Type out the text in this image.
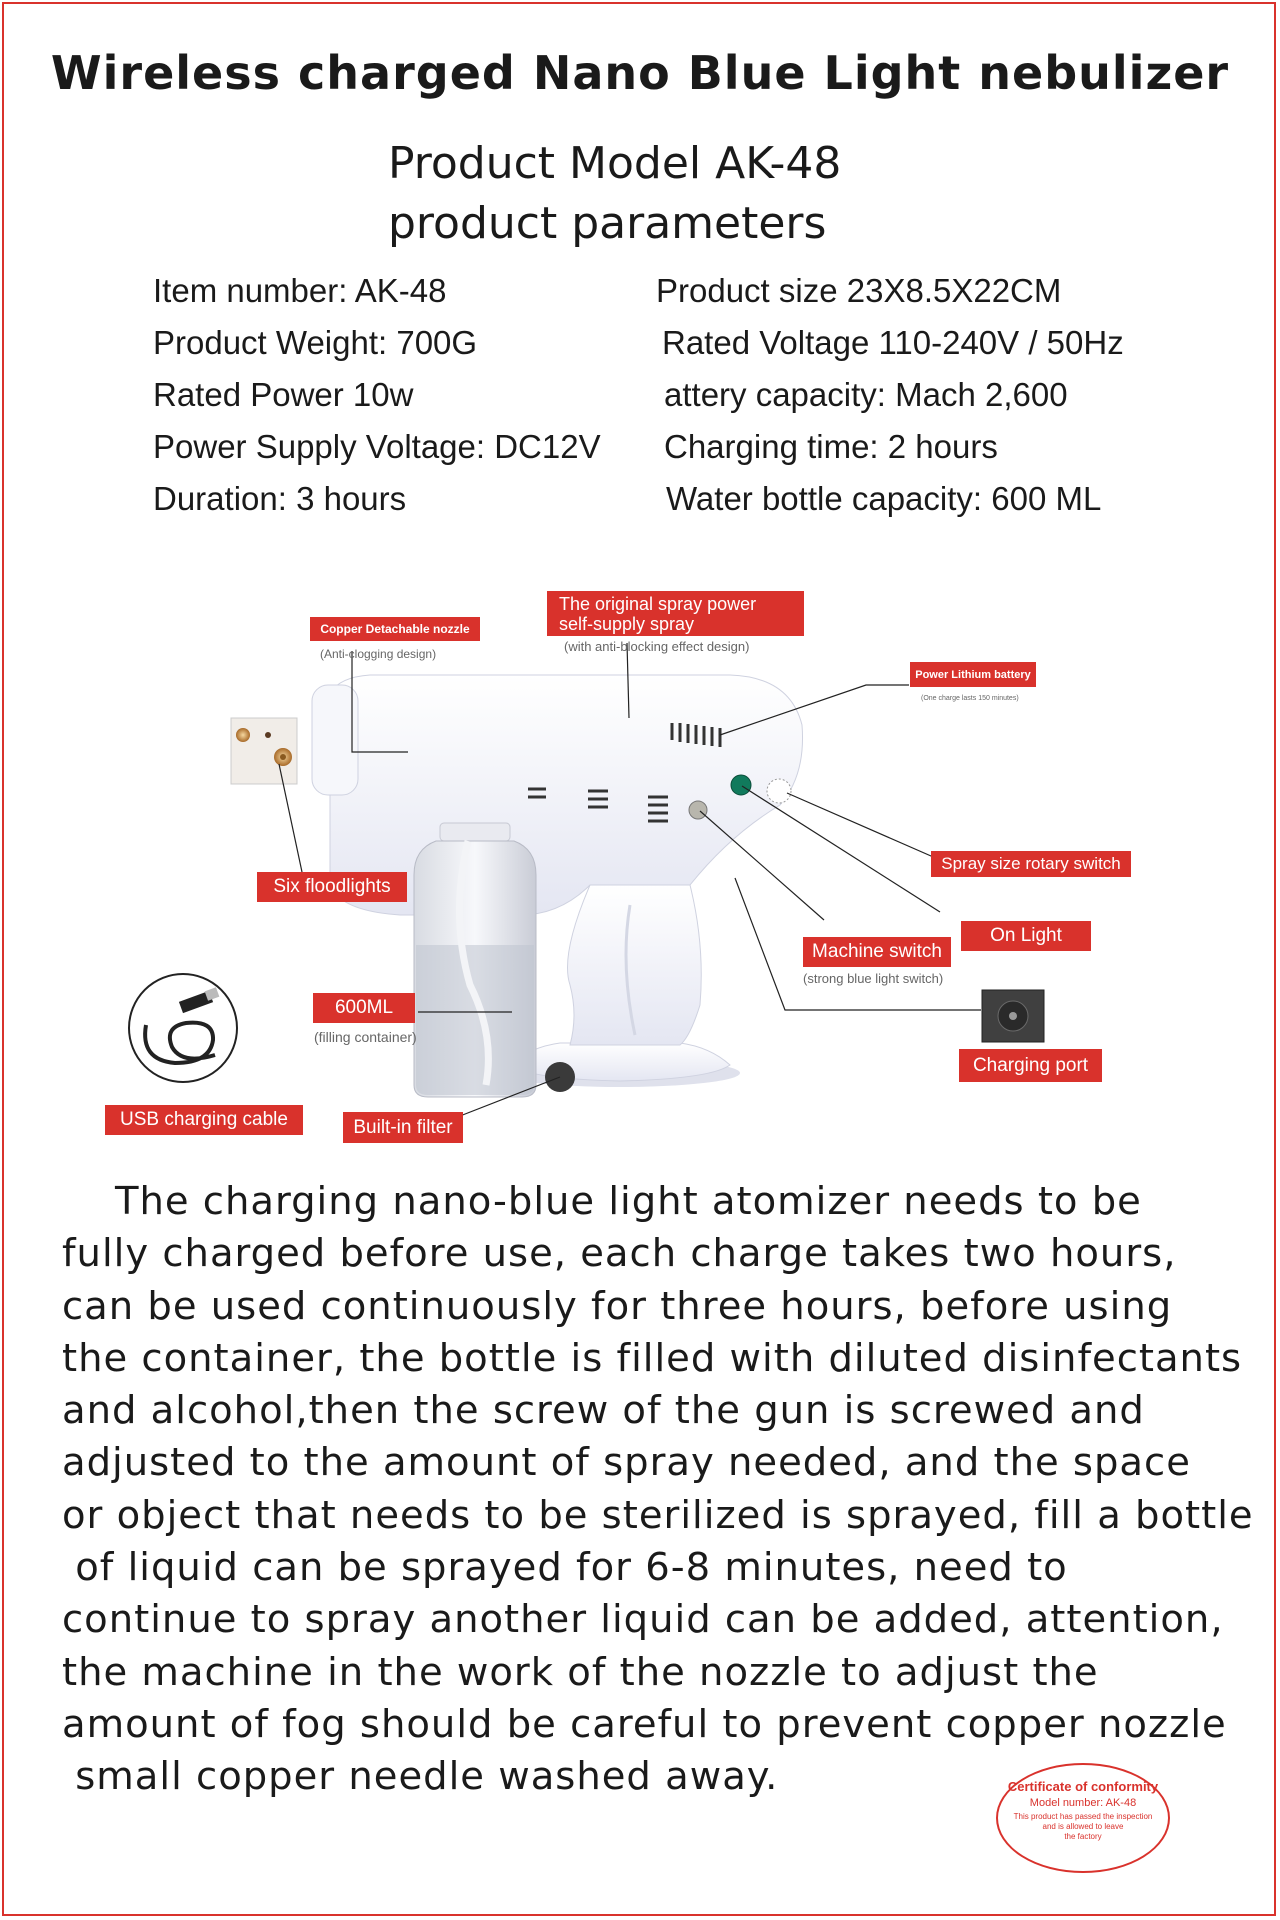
Wireless charged Nano Blue Light nebulizer
Product Model AK-48
product parameters
Item number: AK-48
Product Weight: 700G
Rated Power 10w
Power Supply Voltage: DC12V
Duration: 3 hours
Product size 23X8.5X22CM
Rated Voltage 110-240V / 50Hz
attery capacity: Mach 2,600
Charging time: 2 hours
Water bottle capacity: 600 ML
Copper Detachable nozzle
(Anti-clogging design)
The original spray power
self-supply spray
(with anti-blocking effect design)
Power Lithium battery
(One charge lasts 150 minutes)
Six floodlights
Spray size rotary switch
On Light
Machine switch
(strong blue light switch)
600ML
(filling container)
Charging port
USB charging cable	Built-in filter
The charging nano-blue light atomizer needs to be
fully charged before use, each charge takes two hours,
can be used continuously for three hours, before using
the container, the bottle is filled with diluted disinfectants
and alcohol,then the screw of the gun is screwed and
adjusted to the amount of spray needed, and the space
or object that needs to be sterilized is sprayed, fill a bottle
of liquid can be sprayed for 6-8 minutes, need to
continue to spray another liquid can be added, attention,
the machine in the work of the nozzle to adjust the
amount of fog should be careful to prevent copper nozzle
small copper needle washed away.	Certificate of conformity
Model number: AK-48
This product has passed the inspection
and is allowed to leave
the factory
